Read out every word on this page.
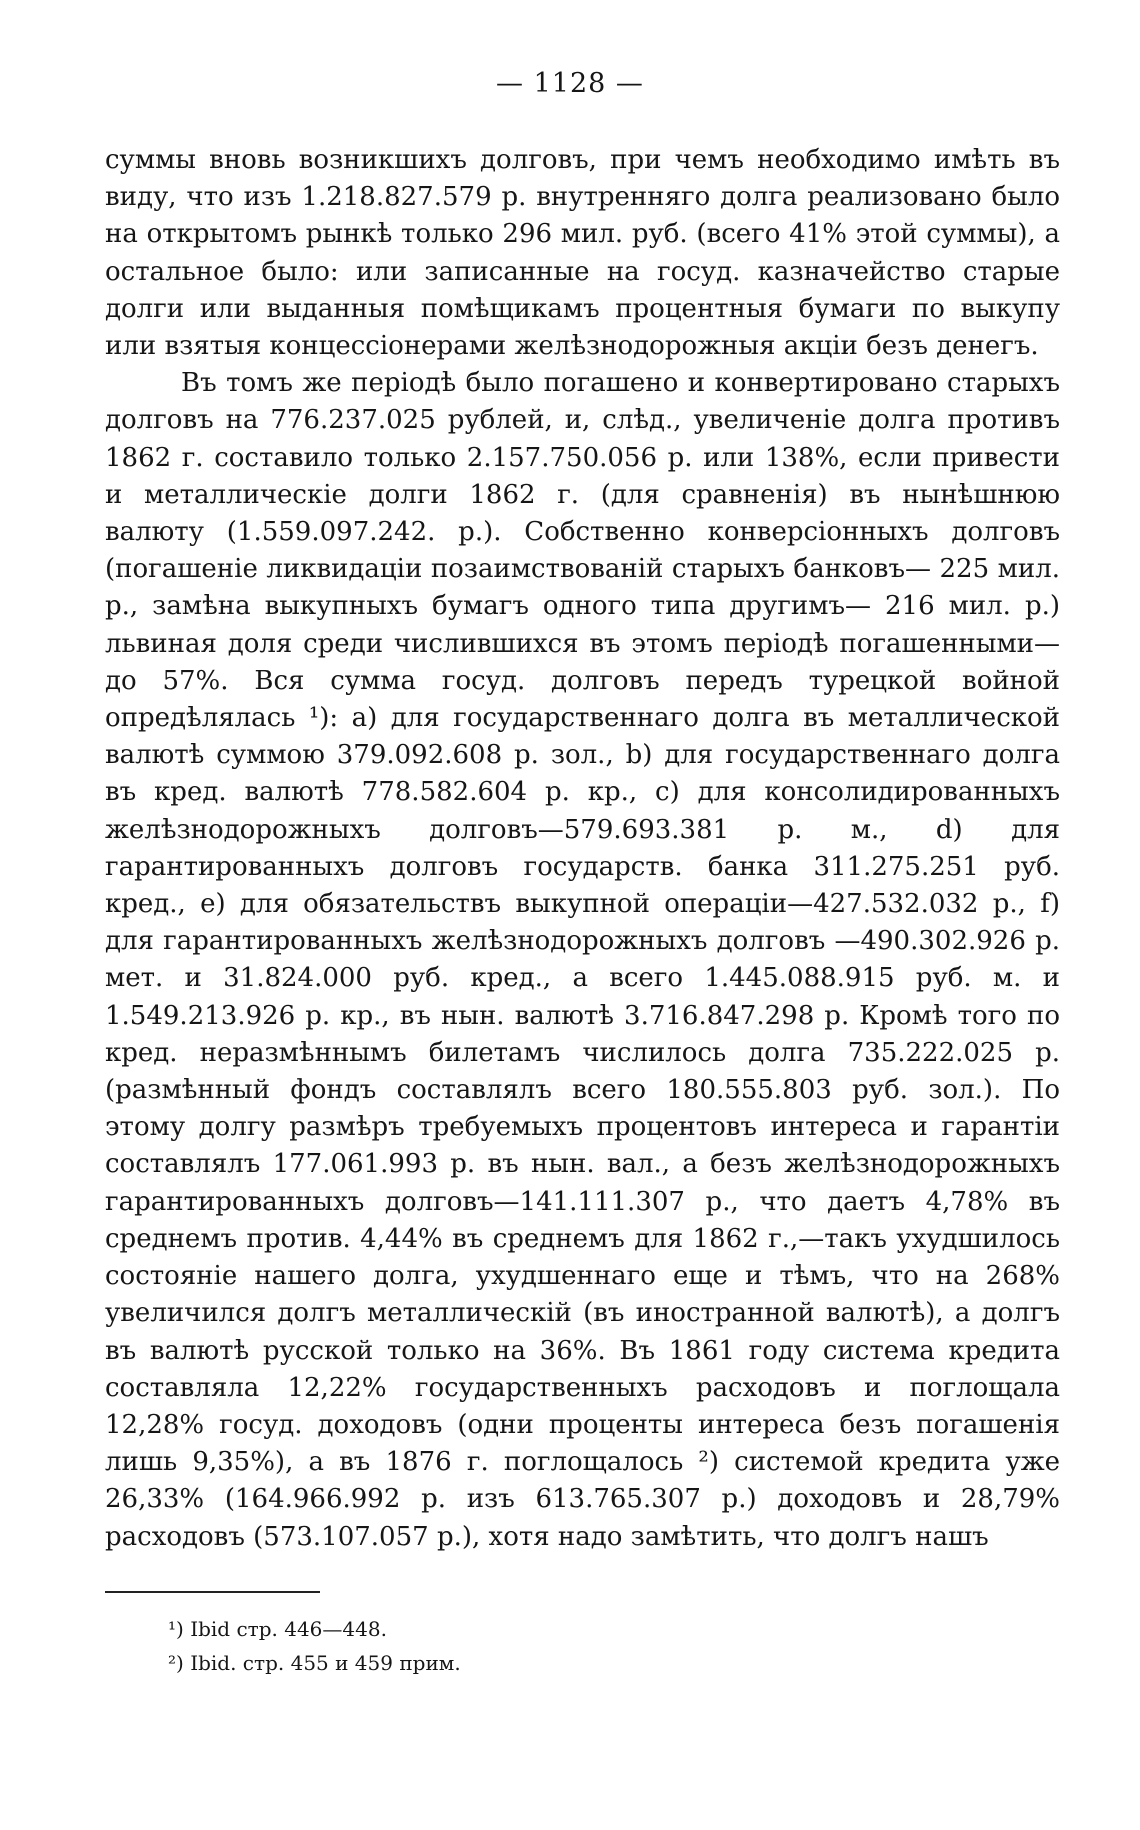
— 1128 —

суммы вновь возникшихъ долговъ, при чемъ необходимо имѣть въ виду, что изъ 1.218.827.579 р. внутренняго долга реализовано было на открытомъ рынкѣ только 296 мил. руб. (всего 41% этой суммы), а остальное было: или записанные на госуд. казначейство старые долги или выданныя помѣщикамъ процентныя бумаги по выкупу или взятыя концессіонерами желѣзнодорожныя акціи безъ денегъ.

Въ томъ же періодѣ было погашено и конвертировано старыхъ долговъ на 776.237.025 рублей, и, слѣд., увеличеніе долга противъ 1862 г. составило только 2.157.750.056 р. или 138%, если привести и металлическіе долги 1862 г. (для сравненія) въ нынѣшнюю валюту (1.559.097.242. р.). Собственно конверсіонныхъ долговъ (погашеніе ликвидаціи позаимствованій старыхъ банковъ— 225 мил. р., замѣна выкупныхъ бумагъ одного типа другимъ— 216 мил. р.) львиная доля среди числившихся въ этомъ періодѣ погашенными—до 57%. Вся сумма госуд. долговъ передъ турецкой войной опредѣлялась ¹): a) для государственнаго долга въ металлической валютѣ суммою 379.092.608 р. зол., b) для государственнаго долга въ кред. валютѣ 778.582.604 р. кр., c) для консолидированныхъ желѣзнодорожныхъ долговъ—579.693.381 р. м., d) для гарантированныхъ долговъ государств. банка 311.275.251 руб. кред., e) для обязательствъ выкупной операціи—427.532.032 р., f) для гарантированныхъ желѣзнодорожныхъ долговъ —490.302.926 р. мет. и 31.824.000 руб. кред., а всего 1.445.088.915 руб. м. и 1.549.213.926 р. кр., въ нын. валютѣ 3.716.847.298 р. Кромѣ того по кред. неразмѣннымъ билетамъ числилось долга 735.222.025 р. (размѣнный фондъ составлялъ всего 180.555.803 руб. зол.). По этому долгу размѣръ требуемыхъ процентовъ интереса и гарантіи составлялъ 177.061.993 р. въ нын. вал., а безъ желѣзнодорожныхъ гарантированныхъ долговъ—141.111.307 р., что даетъ 4,78% въ среднемъ против. 4,44% въ среднемъ для 1862 г.,—такъ ухудшилось состояніе нашего долга, ухудшеннаго еще и тѣмъ, что на 268% увеличился долгъ металлическій (въ иностранной валютѣ), а долгъ въ валютѣ русской только на 36%. Въ 1861 году система кредита составляла 12,22% государственныхъ расходовъ и поглощала 12,28% госуд. доходовъ (одни проценты интереса безъ погашенія лишь 9,35%), а въ 1876 г. поглощалось ²) системой кредита уже 26,33% (164.966.992 р. изъ 613.765.307 р.) доходовъ и 28,79% расходовъ (573.107.057 р.), хотя надо замѣтить, что долгъ нашъ

¹) Ibid стр. 446—448.
²) Ibid. стр. 455 и 459 прим.
